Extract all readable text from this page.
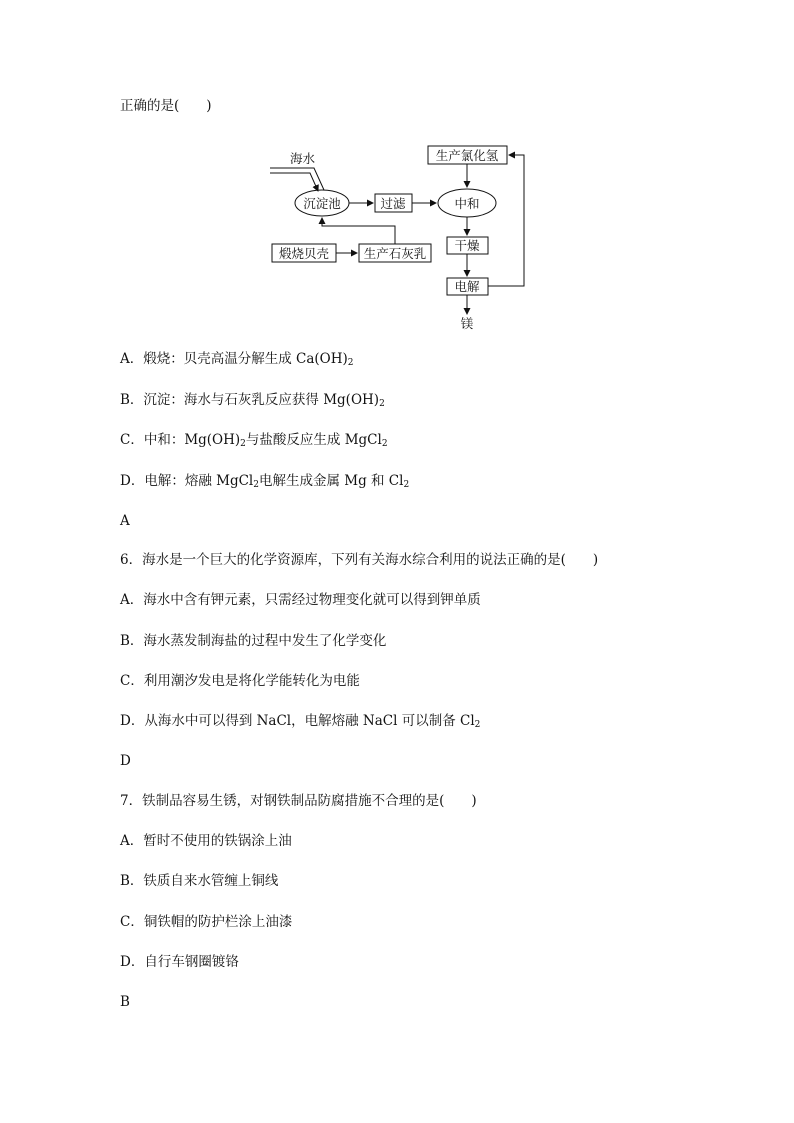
正确的是(　　)
海水
沉淀池	过滤	中和
生产氯化氢
干燥
电解
镁
煅烧贝壳	生产石灰乳
A．煅烧：贝壳高温分解生成 $Ca(OH)_2$
B．沉淀：海水与石灰乳反应获得 $Mg(OH)_2$
C．中和：$Mg(OH)_2$与盐酸反应生成 MgCl$_2$
D．电解：熔融 MgCl$_2$电解生成金属 Mg 和 $Cl_2$
A
6．海水是一个巨大的化学资源库，下列有关海水综合利用的说法正确的是(　　)
A．海水中含有钾元素，只需经过物理变化就可以得到钾单质
B．海水蒸发制海盐的过程中发生了化学变化
C．利用潮汐发电是将化学能转化为电能
D．从海水中可以得到 NaCl，电解熔融 NaCl 可以制备 $Cl_2$
D
7．铁制品容易生锈，对钢铁制品防腐措施不合理的是(　　)
A．暂时不使用的铁锅涂上油
B．铁质自来水管缠上铜线
C．铜铁帽的防护栏涂上油漆
D．自行车钢圈镀铬
B
